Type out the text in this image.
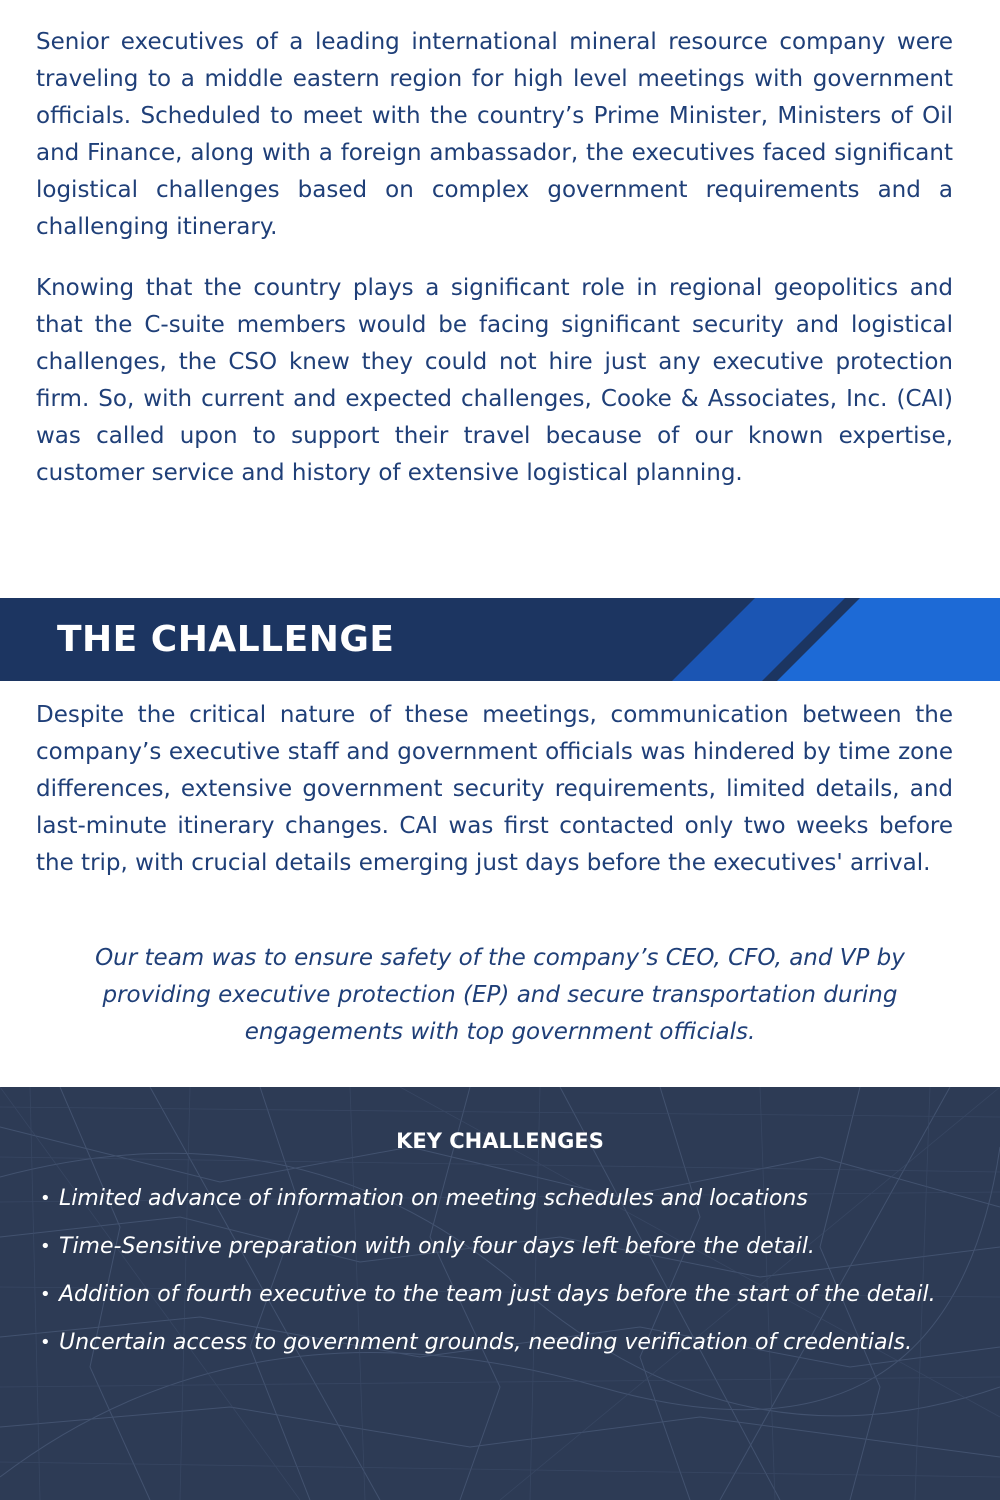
Senior executives of a leading international mineral resource company were traveling to a middle eastern region for high level meetings with government officials. Scheduled to meet with the country’s Prime Minister, Ministers of Oil and Finance, along with a foreign ambassador, the executives faced significant logistical challenges based on complex government requirements and a challenging itinerary.

Knowing that the country plays a significant role in regional geopolitics and that the C-suite members would be facing significant security and logistical challenges, the CSO knew they could not hire just any executive protection firm. So, with current and expected challenges, Cooke & Associates, Inc. (CAI) was called upon to support their travel because of our known expertise, customer service and history of extensive logistical planning.

THE CHALLENGE

Despite the critical nature of these meetings, communication between the company’s executive staff and government officials was hindered by time zone differences, extensive government security requirements, limited details, and last-minute itinerary changes. CAI was first contacted only two weeks before the trip, with crucial details emerging just days before the executives' arrival.

Our team was to ensure safety of the company’s CEO, CFO, and VP by providing executive protection (EP) and secure transportation during engagements with top government officials.

KEY CHALLENGES
• Limited advance of information on meeting schedules and locations
• Time-Sensitive preparation with only four days left before the detail.
• Addition of fourth executive to the team just days before the start of the detail.
• Uncertain access to government grounds, needing verification of credentials.
